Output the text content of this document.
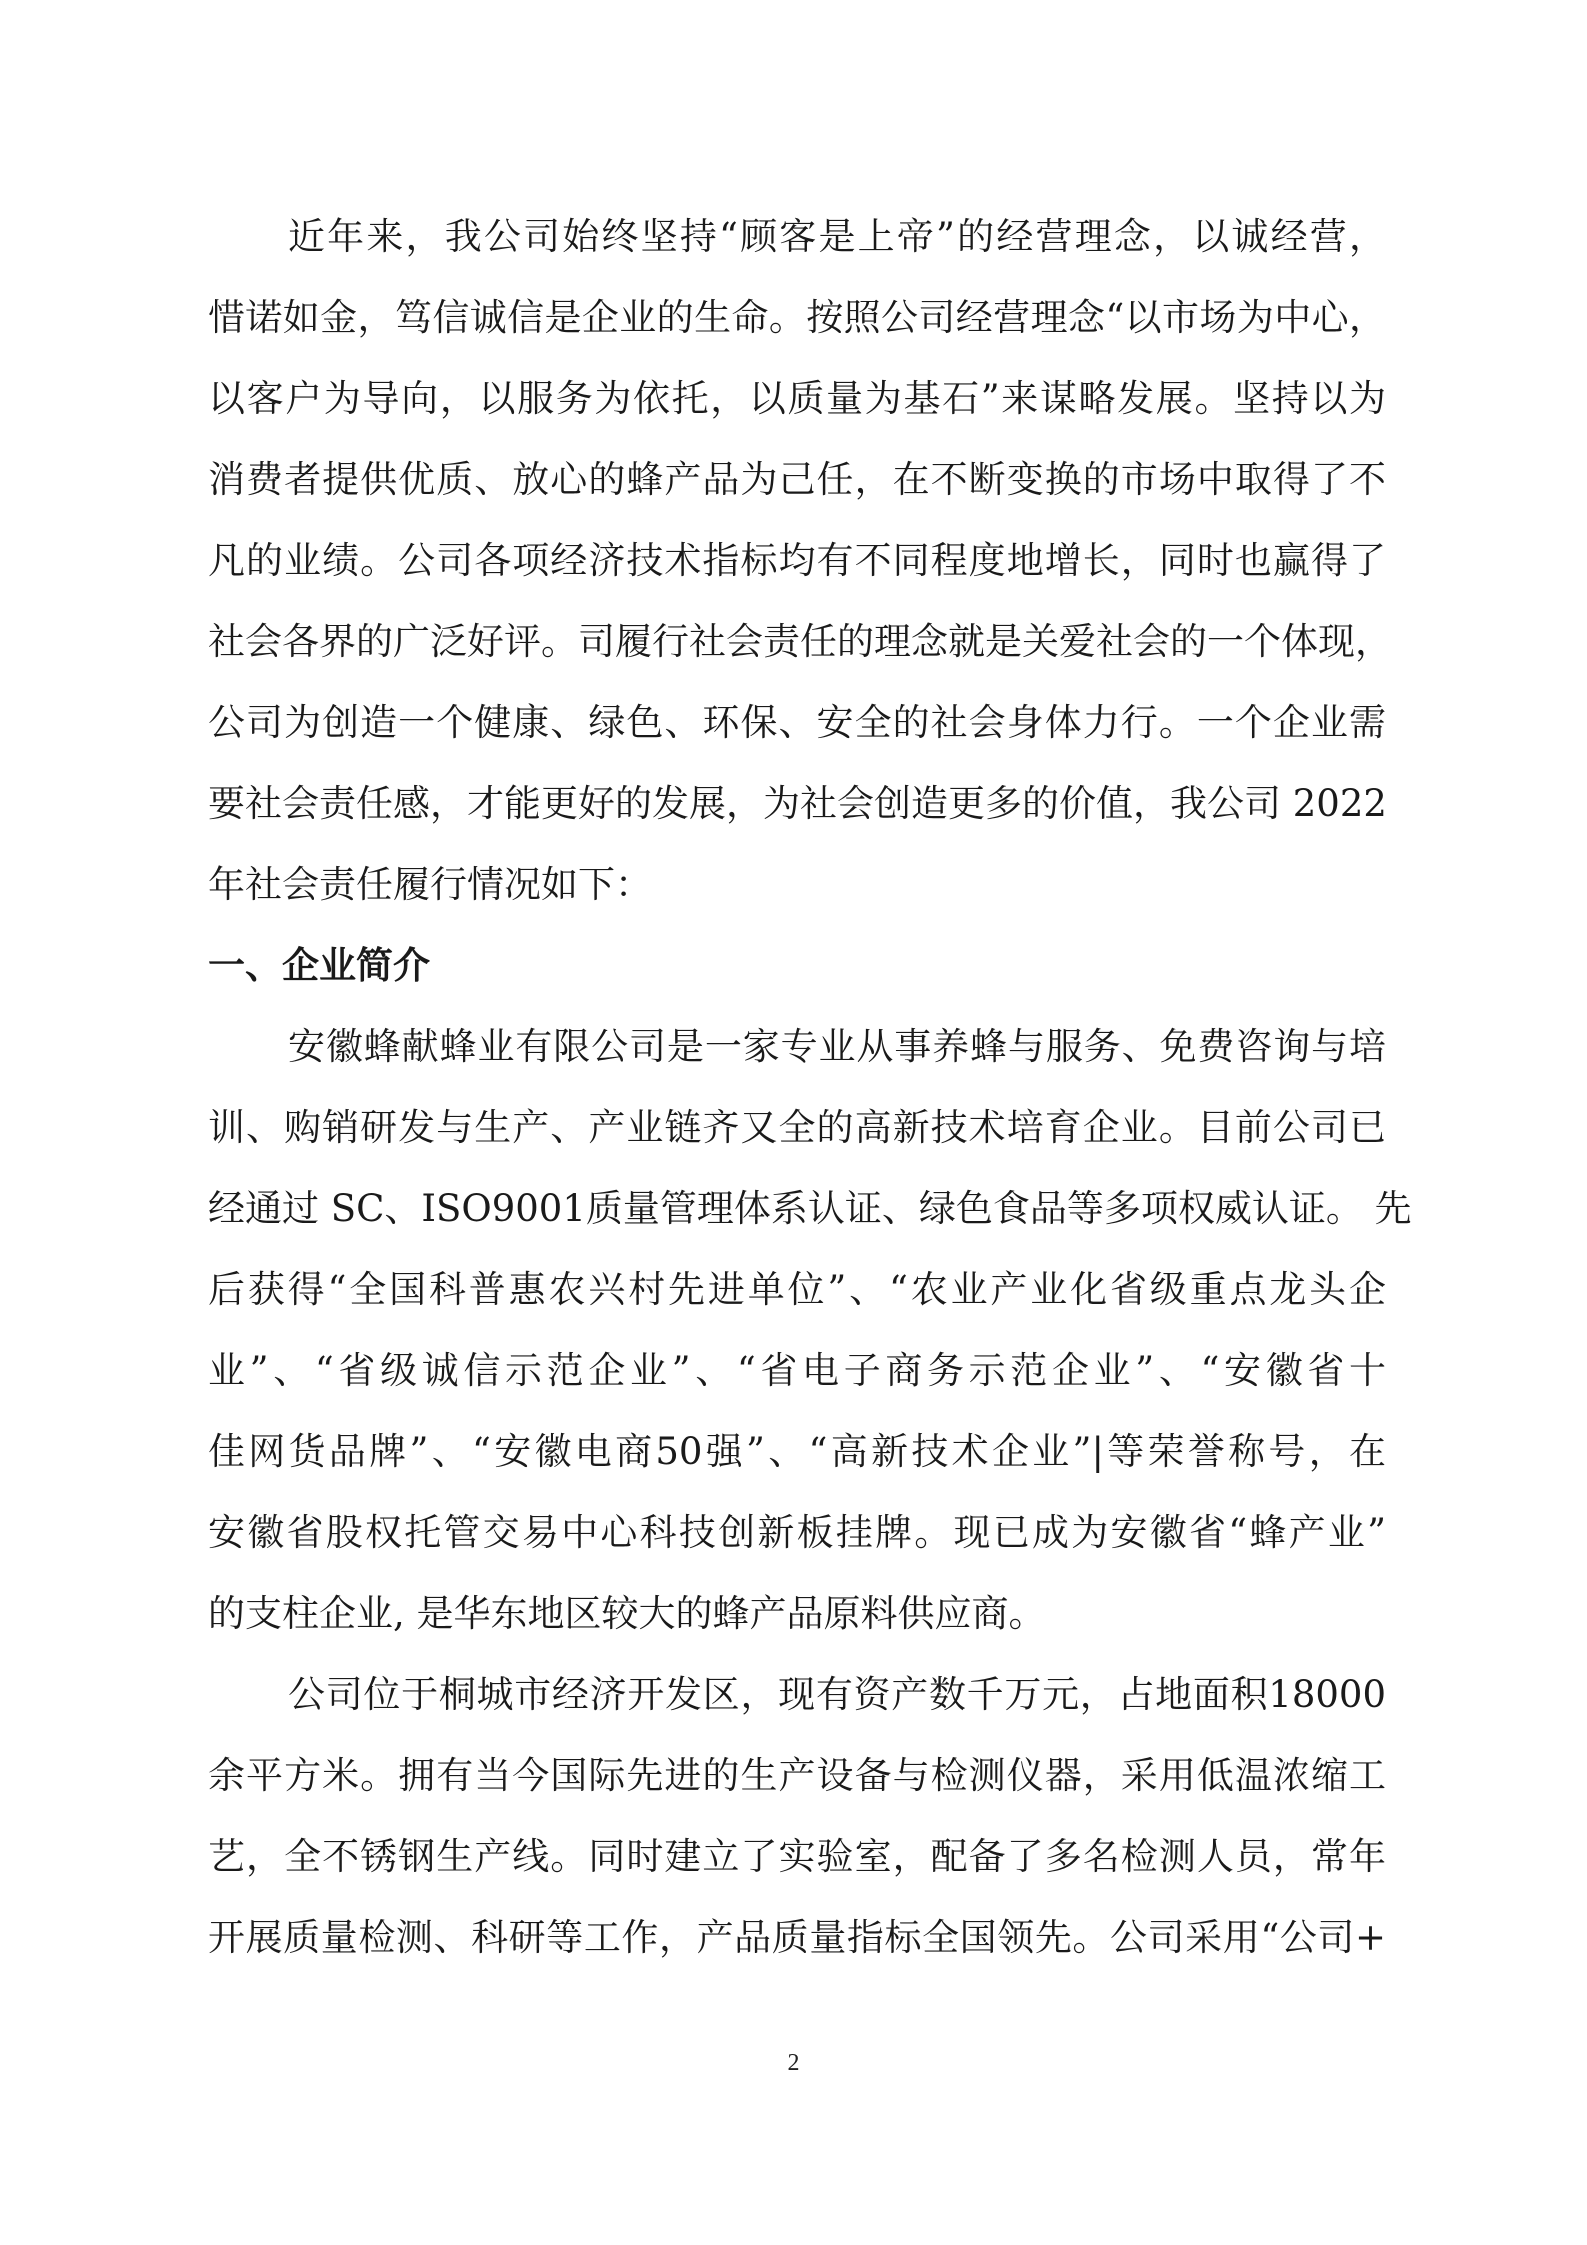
近年来，我公司始终坚持“顾客是上帝”的经营理念，以诚经营，
惜诺如金，笃信诚信是企业的生命。按照公司经营理念“以市场为中心，
以客户为导向，以服务为依托，以质量为基石”来谋略发展。坚持以为
消费者提供优质、放心的蜂产品为己任，在不断变换的市场中取得了不
凡的业绩。公司各项经济技术指标均有不同程度地增长，同时也赢得了
社会各界的广泛好评。司履行社会责任的理念就是关爱社会的一个体现，
公司为创造一个健康、绿色、环保、安全的社会身体力行。一个企业需
要社会责任感，才能更好的发展，为社会创造更多的价值，我公司 2022
年社会责任履行情况如下：
一、企业简介
安徽蜂献蜂业有限公司是一家专业从事养蜂与服务、免费咨询与培
训、购销研发与生产、产业链齐又全的高新技术培育企业。目前公司已
经通过 SC、ISO9001质量管理体系认证、绿色食品等多项权威认证。 先
后获得“全国科普惠农兴村先进单位”、“农业产业化省级重点龙头企
业”、“省级诚信示范企业”、“省电子商务示范企业”、“安徽省十
佳网货品牌”、“安徽电商50强”、“高新技术企业”|等荣誉称号，在
安徽省股权托管交易中心科技创新板挂牌。现已成为安徽省“蜂产业”
的支柱企业, 是华东地区较大的蜂产品原料供应商。
公司位于桐城市经济开发区，现有资产数千万元，占地面积18000
余平方米。拥有当今国际先进的生产设备与检测仪器，采用低温浓缩工
艺，全不锈钢生产线。同时建立了实验室，配备了多名检测人员，常年
开展质量检测、科研等工作，产品质量指标全国领先。公司采用“公司+
2
